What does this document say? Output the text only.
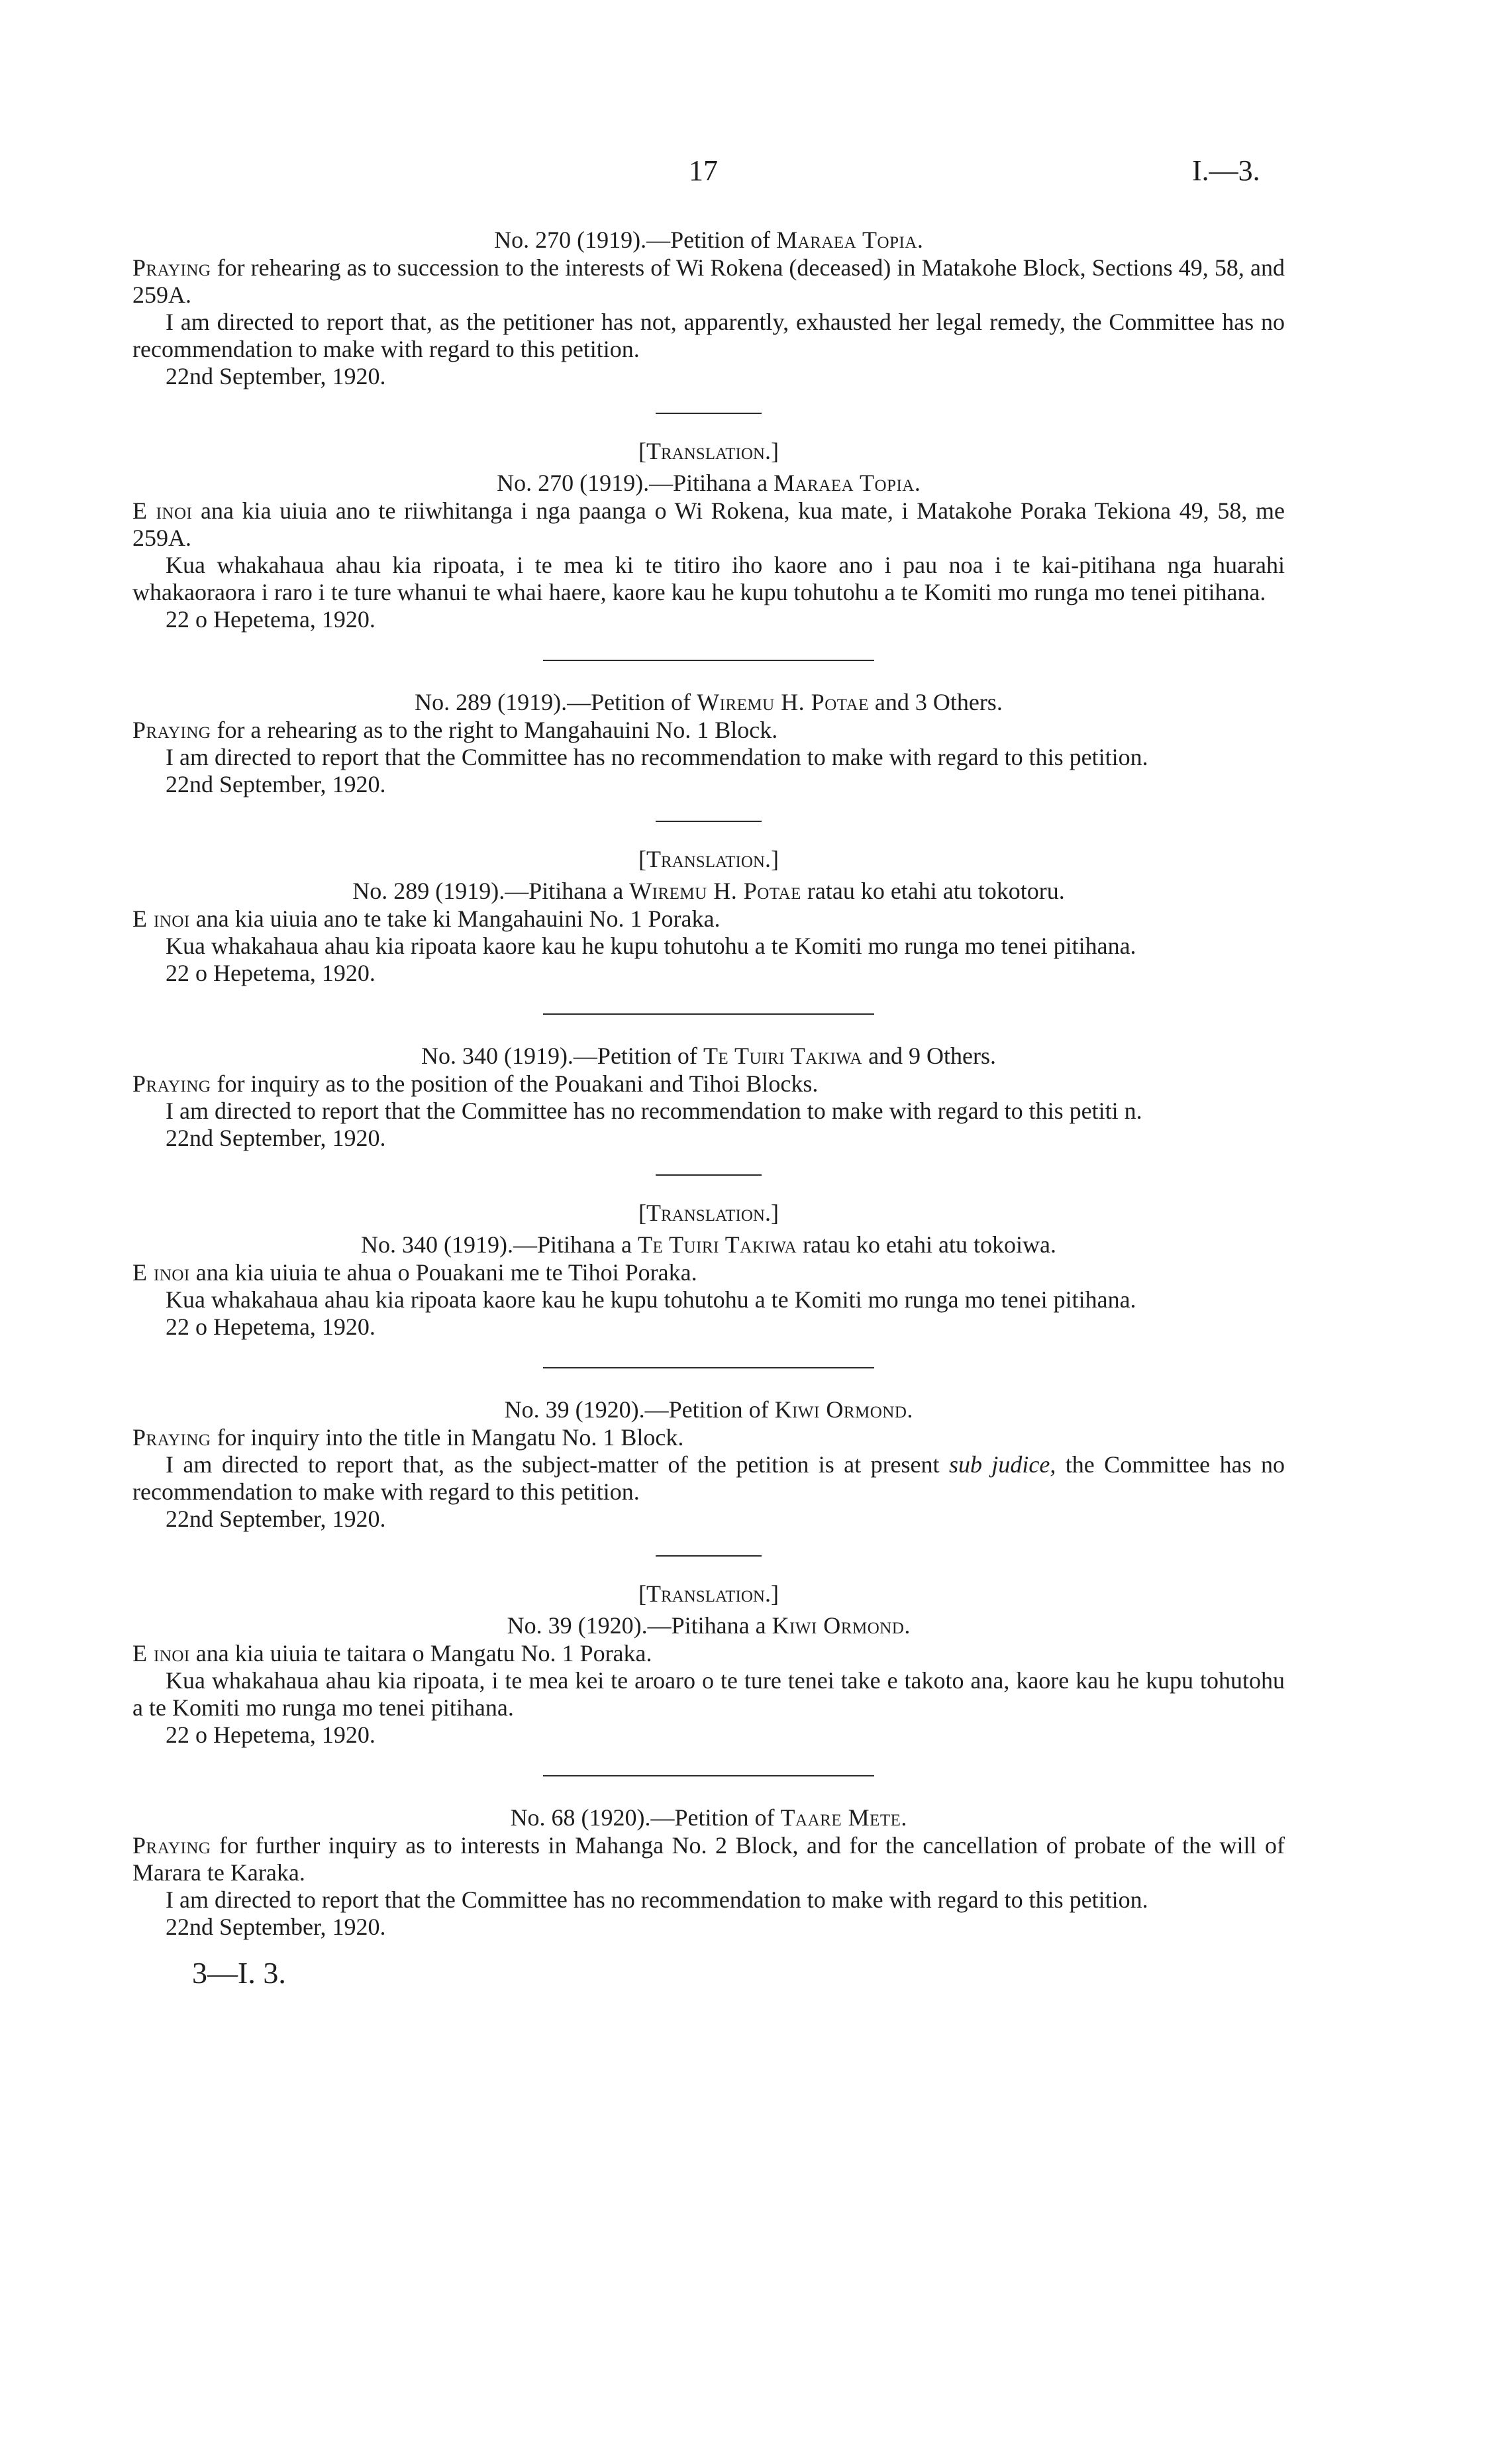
17	I.—3.

No. 270 (1919).—Petition of Maraea Topia.

Praying for rehearing as to succession to the interests of Wi Rokena (deceased) in Matakohe Block, Sections 49, 58, and 259A.

I am directed to report that, as the petitioner has not, apparently, exhausted her legal remedy, the Committee has no recommendation to make with regard to this petition.

22nd September, 1920.

[Translation.]

No. 270 (1919).—Pitihana a Maraea Topia.

E inoi ana kia uiuia ano te riiwhitanga i nga paanga o Wi Rokena, kua mate, i Matakohe Poraka Tekiona 49, 58, me 259A.

Kua whakahaua ahau kia ripoata, i te mea ki te titiro iho kaore ano i pau noa i te kai-pitihana nga huarahi whakaoraora i raro i te ture whanui te whai haere, kaore kau he kupu tohutohu a te Komiti mo runga mo tenei pitihana.

22 o Hepetema, 1920.

No. 289 (1919).—Petition of Wiremu H. Potae and 3 Others.

Praying for a rehearing as to the right to Mangahauini No. 1 Block.

I am directed to report that the Committee has no recommendation to make with regard to this petition.

22nd September, 1920.

[Translation.]

No. 289 (1919).—Pitihana a Wiremu H. Potae ratau ko etahi atu tokotoru.

E inoi ana kia uiuia ano te take ki Mangahauini No. 1 Poraka.

Kua whakahaua ahau kia ripoata kaore kau he kupu tohutohu a te Komiti mo runga mo tenei pitihana.

22 o Hepetema, 1920.

No. 340 (1919).—Petition of Te Tuiri Takiwa and 9 Others.

Praying for inquiry as to the position of the Pouakani and Tihoi Blocks.

I am directed to report that the Committee has no recommendation to make with regard to this petiti n.

22nd September, 1920.

[Translation.]

No. 340 (1919).—Pitihana a Te Tuiri Takiwa ratau ko etahi atu tokoiwa.

E inoi ana kia uiuia te ahua o Pouakani me te Tihoi Poraka.

Kua whakahaua ahau kia ripoata kaore kau he kupu tohutohu a te Komiti mo runga mo tenei pitihana.

22 o Hepetema, 1920.

No. 39 (1920).—Petition of Kiwi Ormond.

Praying for inquiry into the title in Mangatu No. 1 Block.

I am directed to report that, as the subject-matter of the petition is at present sub judice, the Committee has no recommendation to make with regard to this petition.

22nd September, 1920.

[Translation.]

No. 39 (1920).—Pitihana a Kiwi Ormond.

E inoi ana kia uiuia te taitara o Mangatu No. 1 Poraka.

Kua whakahaua ahau kia ripoata, i te mea kei te aroaro o te ture tenei take e takoto ana, kaore kau he kupu tohutohu a te Komiti mo runga mo tenei pitihana.

22 o Hepetema, 1920.

No. 68 (1920).—Petition of Taare Mete.

Praying for further inquiry as to interests in Mahanga No. 2 Block, and for the cancellation of probate of the will of Marara te Karaka.

I am directed to report that the Committee has no recommendation to make with regard to this petition.

22nd September, 1920.

3—I. 3.
